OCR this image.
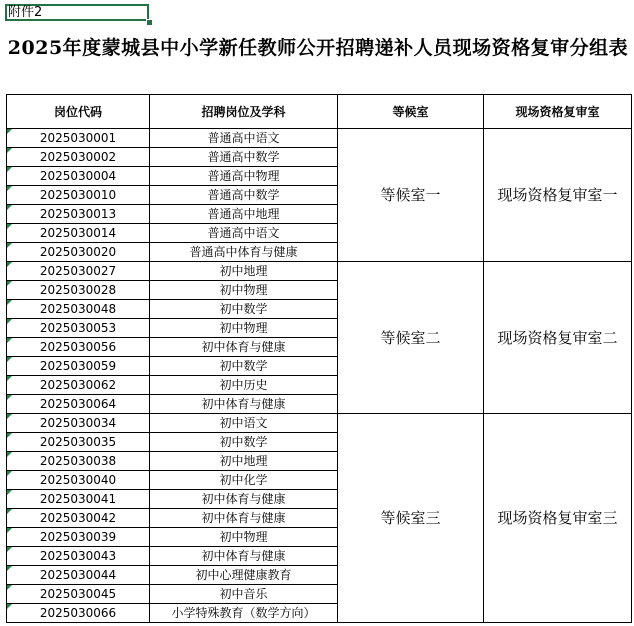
附件2
2025年度蒙城县中小学新任教师公开招聘递补人员现场资格复审分组表
岗位代码	招聘岗位及学科	等候室	现场资格复审室
2025030001	普通高中语文	等候室一	现场资格复审室一
2025030002	普通高中数学		
2025030004	普通高中物理		
2025030010	普通高中数学		
2025030013	普通高中地理		
2025030014	普通高中语文		
2025030020	普通高中体育与健康		
2025030027	初中地理	等候室二	现场资格复审室二
2025030028	初中物理		
2025030048	初中数学		
2025030053	初中物理		
2025030056	初中体育与健康		
2025030059	初中数学		
2025030062	初中历史		
2025030064	初中体育与健康		
2025030034	初中语文	等候室三	现场资格复审室三
2025030035	初中数学		
2025030038	初中地理		
2025030040	初中化学		
2025030041	初中体育与健康		
2025030042	初中体育与健康		
2025030039	初中物理		
2025030043	初中体育与健康		
2025030044	初中心理健康教育		
2025030045	初中音乐		
2025030066	小学特殊教育（数学方向）		
